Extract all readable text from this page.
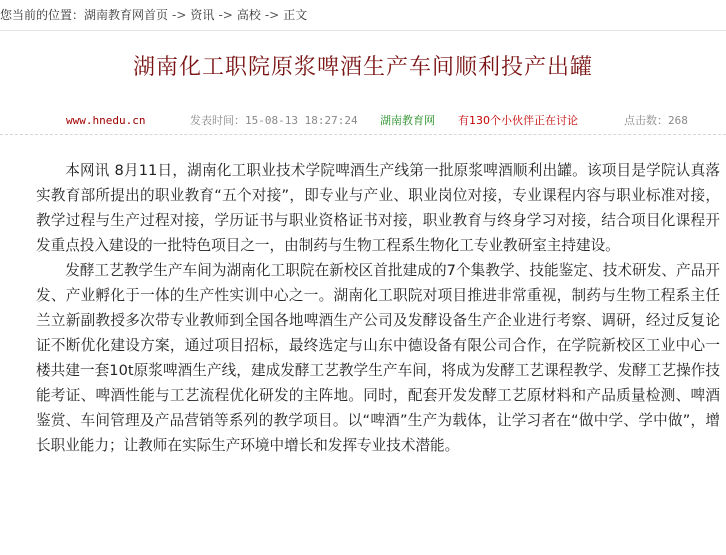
您当前的位置：湖南教育网首页 -> 资讯 -> 高校 -> 正文
湖南化工职院原浆啤酒生产车间顺利投产出罐
www.hnedu.cn	发表时间：15-08-13 18:27:24 湖南教育网 有130个小伙伴正在讨论	点击数：268

本网讯 8月11日，湖南化工职业技术学院啤酒生产线第一批原浆啤酒顺利出罐。该项目是学院认真落实教育部所提出的职业教育“五个对接”，即专业与产业、职业岗位对接，专业课程内容与职业标准对接，教学过程与生产过程对接，学历证书与职业资格证书对接，职业教育与终身学习对接，结合项目化课程开发重点投入建设的一批特色项目之一，由制药与生物工程系生物化工专业教研室主持建设。

发酵工艺教学生产车间为湖南化工职院在新校区首批建成的7个集教学、技能鉴定、技术研发、产品开发、产业孵化于一体的生产性实训中心之一。湖南化工职院对项目推进非常重视，制药与生物工程系主任兰立新副教授多次带专业教师到全国各地啤酒生产公司及发酵设备生产企业进行考察、调研，经过反复论证不断优化建设方案，通过项目招标，最终选定与山东中德设备有限公司合作，在学院新校区工业中心一楼共建一套10t原浆啤酒生产线，建成发酵工艺教学生产车间，将成为发酵工艺课程教学、发酵工艺操作技能考证、啤酒性能与工艺流程优化研发的主阵地。同时，配套开发发酵工艺原材料和产品质量检测、啤酒鉴赏、车间管理及产品营销等系列的教学项目。以“啤酒”生产为载体，让学习者在“做中学、学中做”，增长职业能力；让教师在实际生产环境中增长和发挥专业技术潜能。
